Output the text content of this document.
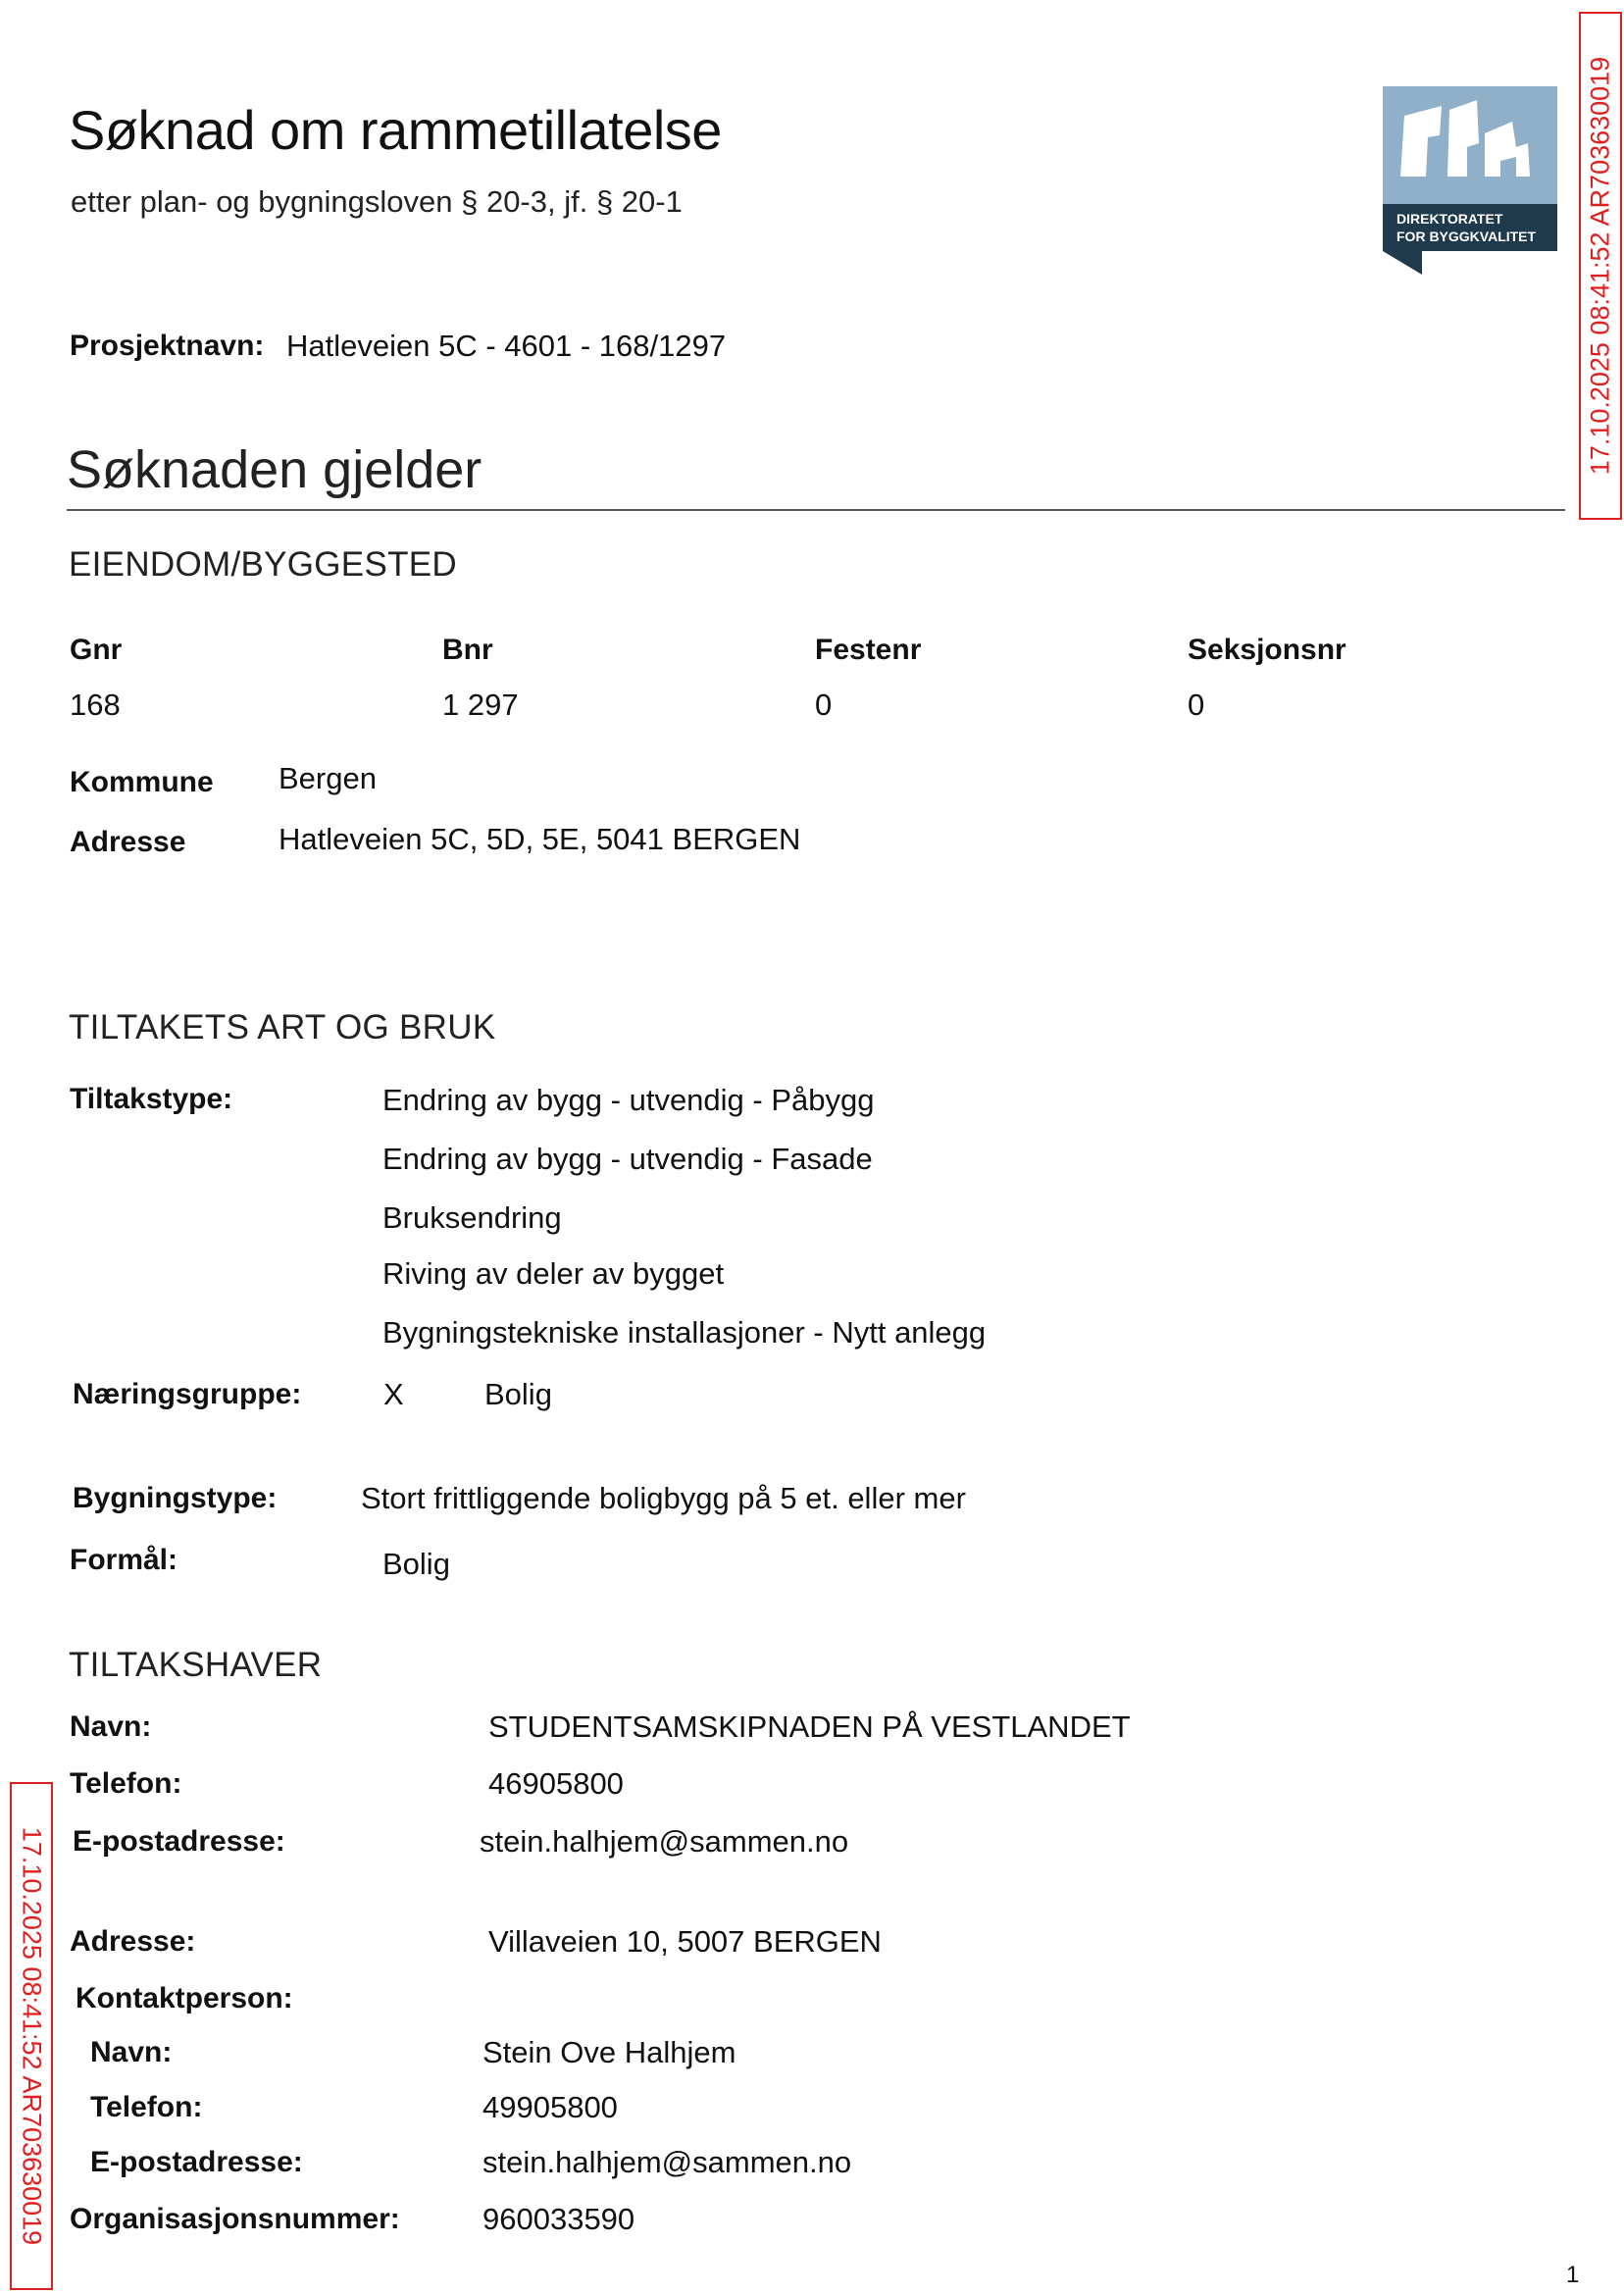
Søknad om rammetillatelse
etter plan- og bygningsloven § 20-3, jf. § 20-1	DIREKTORATET
FOR BYGGKVALITET 17.10.2025 08:41:52 AR703630019
17.10.2025 08:41:52 AR703630019
Prosjektnavn: Hatleveien 5C - 4601 - 168/1297
Søknaden gjelder
EIENDOM/BYGGESTED
Gnr	Bnr	Festenr	Seksjonsnr
168	1 297	0	0
Kommune Bergen
Adresse	Hatleveien 5C, 5D, 5E, 5041 BERGEN
TILTAKETS ART OG BRUK
Tiltakstype:	Endring av bygg - utvendig - Påbygg
Endring av bygg - utvendig - Fasade
Bruksendring
Riving av deler av bygget
Bygningstekniske installasjoner - Nytt anlegg
Næringsgruppe:	X	Bolig
Bygningstype:	Stort frittliggende boligbygg på 5 et. eller mer
Formål:	Bolig
TILTAKSHAVER
Navn:	STUDENTSAMSKIPNADEN PÅ VESTLANDET
Telefon:	46905800
E-postadresse:	stein.halhjem@sammen.no
Adresse:	Villaveien 10, 5007 BERGEN
Kontaktperson:
Navn:	Stein Ove Halhjem
Telefon:	49905800
E-postadresse:	stein.halhjem@sammen.no
Organisasjonsnummer:	960033590
1
